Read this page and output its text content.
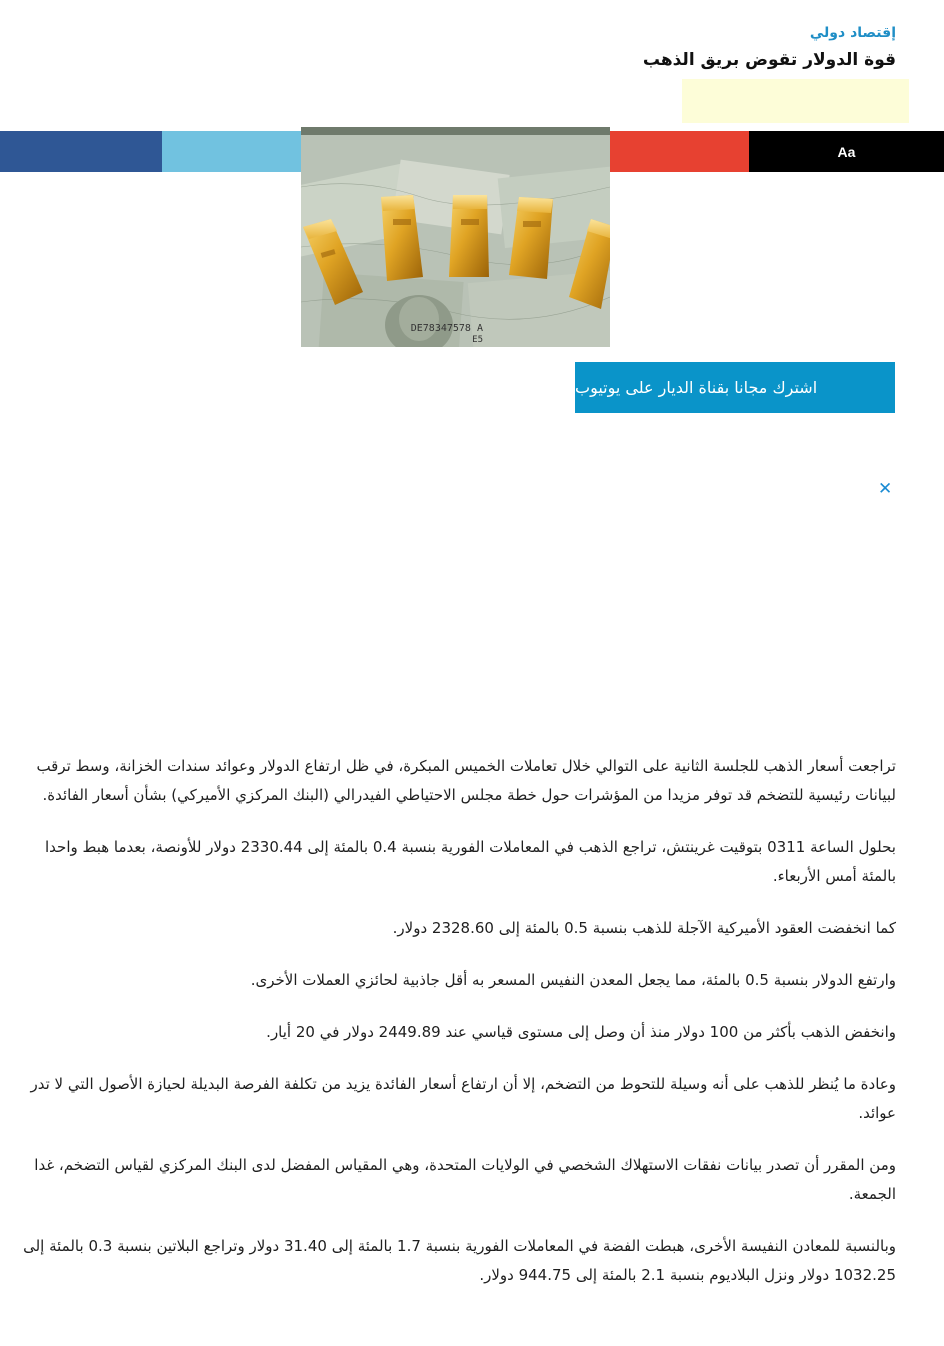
إقتصاد دولي
قوة الدولار تقوض بريق الذهب
Aa
DE78347578 A
E5
اشترك مجانا بقناة الديار على يوتيوب
✕

تراجعت أسعار الذهب للجلسة الثانية على التوالي خلال تعاملات الخميس المبكرة، في ظل ارتفاع الدولار وعوائد سندات الخزانة، وسط ترقب لبيانات رئيسية للتضخم قد توفر مزيدا من المؤشرات حول خطة مجلس الاحتياطي الفيدرالي (البنك المركزي الأميركي) بشأن أسعار الفائدة.

بحلول الساعة 0311 بتوقيت غرينتش، تراجع الذهب في المعاملات الفورية بنسبة 0.4 بالمئة إلى 2330.44 دولار للأونصة، بعدما هبط واحدا بالمئة أمس الأربعاء.

كما انخفضت العقود الأميركية الآجلة للذهب بنسبة 0.5 بالمئة إلى 2328.60 دولار.

وارتفع الدولار بنسبة 0.5 بالمئة، مما يجعل المعدن النفيس المسعر به أقل جاذبية لحائزي العملات الأخرى.

وانخفض الذهب بأكثر من 100 دولار منذ أن وصل إلى مستوى قياسي عند 2449.89 دولار في 20 أيار.

وعادة ما يُنظر للذهب على أنه وسيلة للتحوط من التضخم، إلا أن ارتفاع أسعار الفائدة يزيد من تكلفة الفرصة البديلة لحيازة الأصول التي لا تدر عوائد.

ومن المقرر أن تصدر بيانات نفقات الاستهلاك الشخصي في الولايات المتحدة، وهي المقياس المفضل لدى البنك المركزي لقياس التضخم، غدا الجمعة.

وبالنسبة للمعادن النفيسة الأخرى، هبطت الفضة في المعاملات الفورية بنسبة 1.7 بالمئة إلى 31.40 دولار وتراجع البلاتين بنسبة 0.3 بالمئة إلى 1032.25 دولار ونزل البلاديوم بنسبة 2.1 بالمئة إلى 944.75 دولار.
